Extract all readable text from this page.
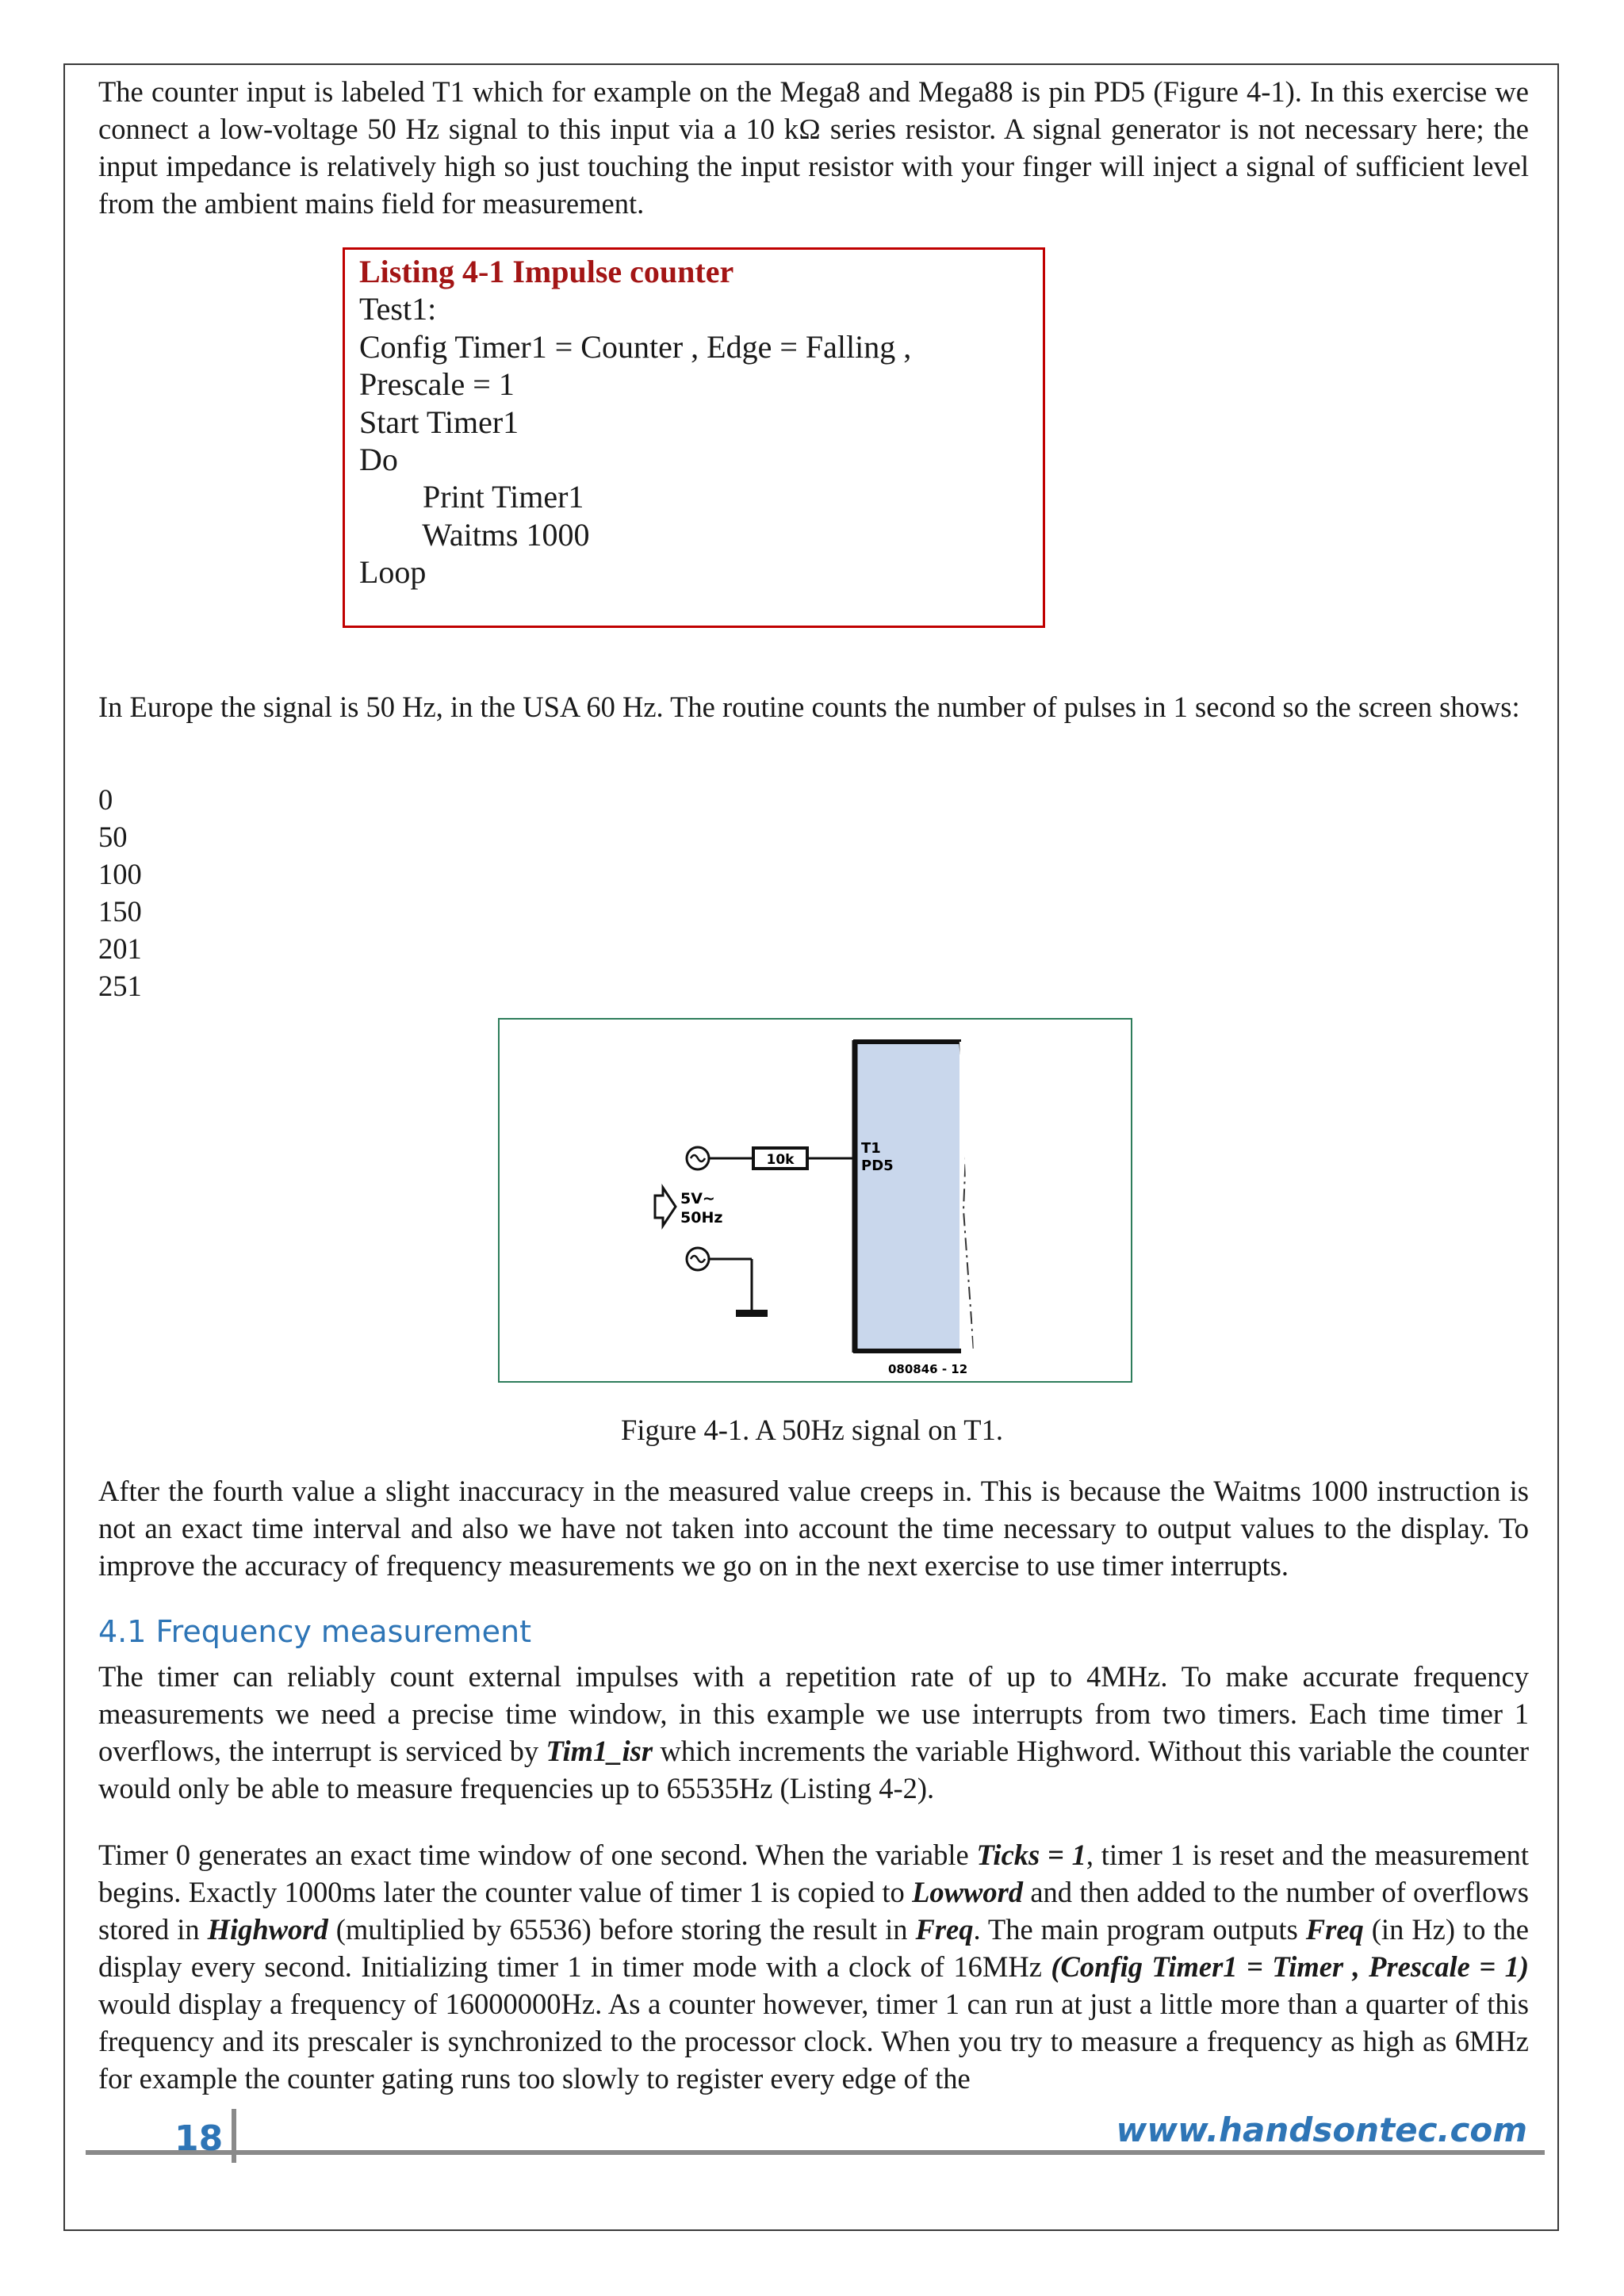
The counter input is labeled T1 which for example on the Mega8 and Mega88 is pin PD5 (Figure 4-1). In this exercise we connect a low-voltage 50 Hz signal to this input via a 10 kΩ series resistor. A signal generator is not necessary here; the input impedance is relatively high so just touching the input resistor with your finger will inject a signal of sufficient level from the ambient mains field for measurement.

Listing 4-1 Impulse counter
Test1:
Config Timer1 = Counter , Edge = Falling ,
Prescale = 1
Start Timer1
Do
Print Timer1
Waitms 1000
Loop

In Europe the signal is 50 Hz, in the USA 60 Hz. The routine counts the number of pulses in 1 second so the screen shows:

0
50
100
150
201
251
10k
T1
PD5
5V∼
50Hz
080846 - 12
Figure 4-1. A 50Hz signal on T1.

After the fourth value a slight inaccuracy in the measured value creeps in. This is because the Waitms 1000 instruction is not an exact time interval and also we have not taken into account the time necessary to output values to the display. To improve the accuracy of frequency measurements we go on in the next exercise to use timer interrupts.

4.1 Frequency measurement

The timer can reliably count external impulses with a repetition rate of up to 4MHz. To make accurate frequency measurements we need a precise time window, in this example we use interrupts from two timers. Each time timer 1 overflows, the interrupt is serviced by Tim1_isr which increments the variable Highword. Without this variable the counter would only be able to measure frequencies up to 65535Hz (Listing 4-2).

Timer 0 generates an exact time window of one second. When the variable Ticks = 1, timer 1 is reset and the measurement begins. Exactly 1000ms later the counter value of timer 1 is copied to Lowword and then added to the number of overflows stored in Highword (multiplied by 65536) before storing the result in Freq. The main program outputs Freq (in Hz) to the display every second. Initializing timer 1 in timer mode with a clock of 16MHz (Config Timer1 = Timer , Prescale = 1) would display a frequency of 16000000Hz. As a counter however, timer 1 can run at just a little more than a quarter of this frequency and its prescaler is synchronized to the processor clock. When you try to measure a frequency as high as 6MHz for example the counter gating runs too slowly to register every edge of the

18	www.handsontec.com
